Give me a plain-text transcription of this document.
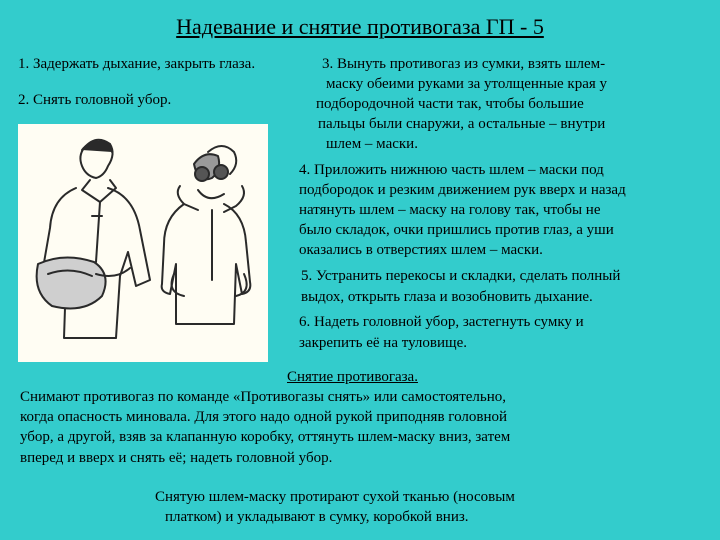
Надевание и снятие противогаза ГП - 5
1. Задержать дыхание, закрыть глаза.
2. Снять головной убор.
3. Вынуть противогаз из сумки, взять шлем-
маску обеими руками за утолщенные края у
подбородочной части так, чтобы большие
пальцы были снаружи, а остальные – внутри
шлем – маски.
4. Приложить нижнюю часть шлем – маски под
подбородок и резким движением рук вверх и назад
натянуть шлем – маску на голову так, чтобы не
было складок, очки пришлись против глаз, а уши
оказались в отверстиях шлем – маски.
5. Устранить перекосы и складки, сделать полный
выдох, открыть глаза и возобновить дыхание.
6. Надеть головной убор, застегнуть сумку и
закрепить её на туловище.
Снятие противогаза.
Снимают противогаз по команде «Противогазы снять» или самостоятельно,
когда опасность миновала. Для этого надо одной рукой приподняв головной
убор, а другой, взяв за клапанную коробку, оттянуть шлем-маску вниз, затем
вперед и вверх и снять её; надеть головной убор.
Снятую шлем-маску протирают сухой тканью (носовым
платком) и укладывают в сумку, коробкой вниз.
